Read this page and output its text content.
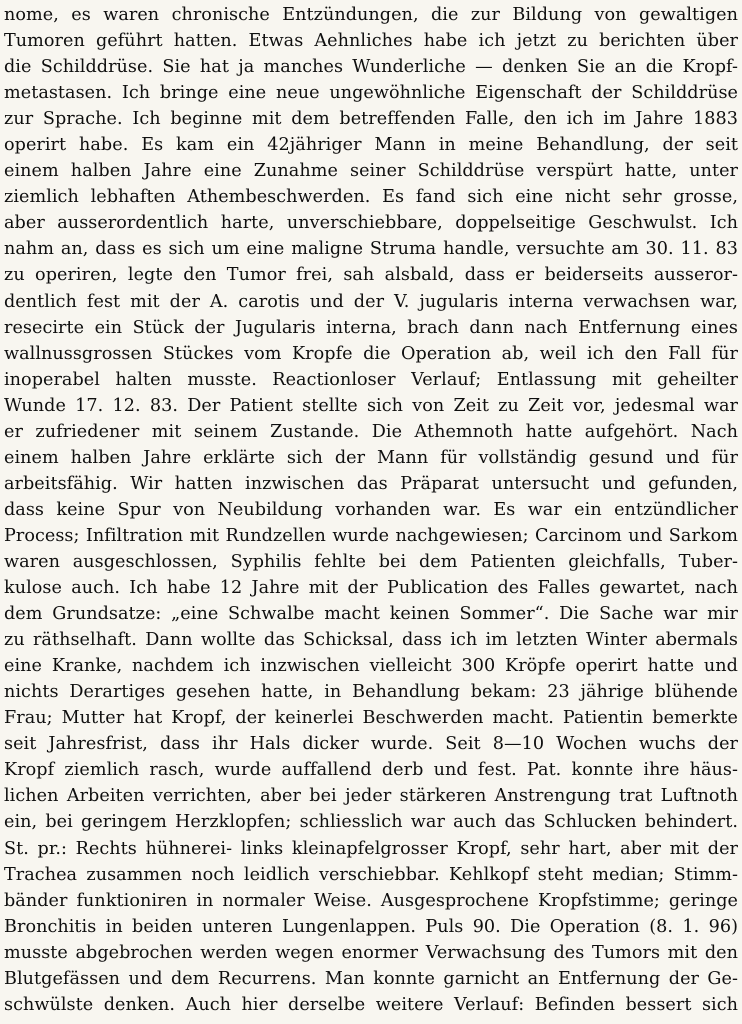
nome, es waren chronische Entzündungen, die zur Bildung von gewaltigen
Tumoren geführt hatten. Etwas Aehnliches habe ich jetzt zu berichten über
die Schilddrüse. Sie hat ja manches Wunderliche — denken Sie an die Kropf-
metastasen. Ich bringe eine neue ungewöhnliche Eigenschaft der Schilddrüse
zur Sprache. Ich beginne mit dem betreffenden Falle, den ich im Jahre 1883
operirt habe. Es kam ein 42jähriger Mann in meine Behandlung, der seit
einem halben Jahre eine Zunahme seiner Schilddrüse verspürt hatte, unter
ziemlich lebhaften Athembeschwerden. Es fand sich eine nicht sehr grosse,
aber ausserordentlich harte, unverschiebbare, doppelseitige Geschwulst. Ich
nahm an, dass es sich um eine maligne Struma handle, versuchte am 30. 11. 83
zu operiren, legte den Tumor frei, sah alsbald, dass er beiderseits ausseror-
dentlich fest mit der A. carotis und der V. jugularis interna verwachsen war,
resecirte ein Stück der Jugularis interna, brach dann nach Entfernung eines
wallnussgrossen Stückes vom Kropfe die Operation ab, weil ich den Fall für
inoperabel halten musste. Reactionloser Verlauf; Entlassung mit geheilter
Wunde 17. 12. 83. Der Patient stellte sich von Zeit zu Zeit vor, jedesmal war
er zufriedener mit seinem Zustande. Die Athemnoth hatte aufgehört. Nach
einem halben Jahre erklärte sich der Mann für vollständig gesund und für
arbeitsfähig. Wir hatten inzwischen das Präparat untersucht und gefunden,
dass keine Spur von Neubildung vorhanden war. Es war ein entzündlicher
Process; Infiltration mit Rundzellen wurde nachgewiesen; Carcinom und Sarkom
waren ausgeschlossen, Syphilis fehlte bei dem Patienten gleichfalls, Tuber-
kulose auch. Ich habe 12 Jahre mit der Publication des Falles gewartet, nach
dem Grundsatze: „eine Schwalbe macht keinen Sommer“. Die Sache war mir
zu räthselhaft. Dann wollte das Schicksal, dass ich im letzten Winter abermals
eine Kranke, nachdem ich inzwischen vielleicht 300 Kröpfe operirt hatte und
nichts Derartiges gesehen hatte, in Behandlung bekam: 23 jährige blühende
Frau; Mutter hat Kropf, der keinerlei Beschwerden macht. Patientin bemerkte
seit Jahresfrist, dass ihr Hals dicker wurde. Seit 8—10 Wochen wuchs der
Kropf ziemlich rasch, wurde auffallend derb und fest. Pat. konnte ihre häus-
lichen Arbeiten verrichten, aber bei jeder stärkeren Anstrengung trat Luftnoth
ein, bei geringem Herzklopfen; schliesslich war auch das Schlucken behindert.
St. pr.: Rechts hühnerei- links kleinapfelgrosser Kropf, sehr hart, aber mit der
Trachea zusammen noch leidlich verschiebbar. Kehlkopf steht median; Stimm-
bänder funktioniren in normaler Weise. Ausgesprochene Kropfstimme; geringe
Bronchitis in beiden unteren Lungenlappen. Puls 90. Die Operation (8. 1. 96)
musste abgebrochen werden wegen enormer Verwachsung des Tumors mit den
Blutgefässen und dem Recurrens. Man konnte garnicht an Entfernung der Ge-
schwülste denken. Auch hier derselbe weitere Verlauf: Befinden bessert sich
